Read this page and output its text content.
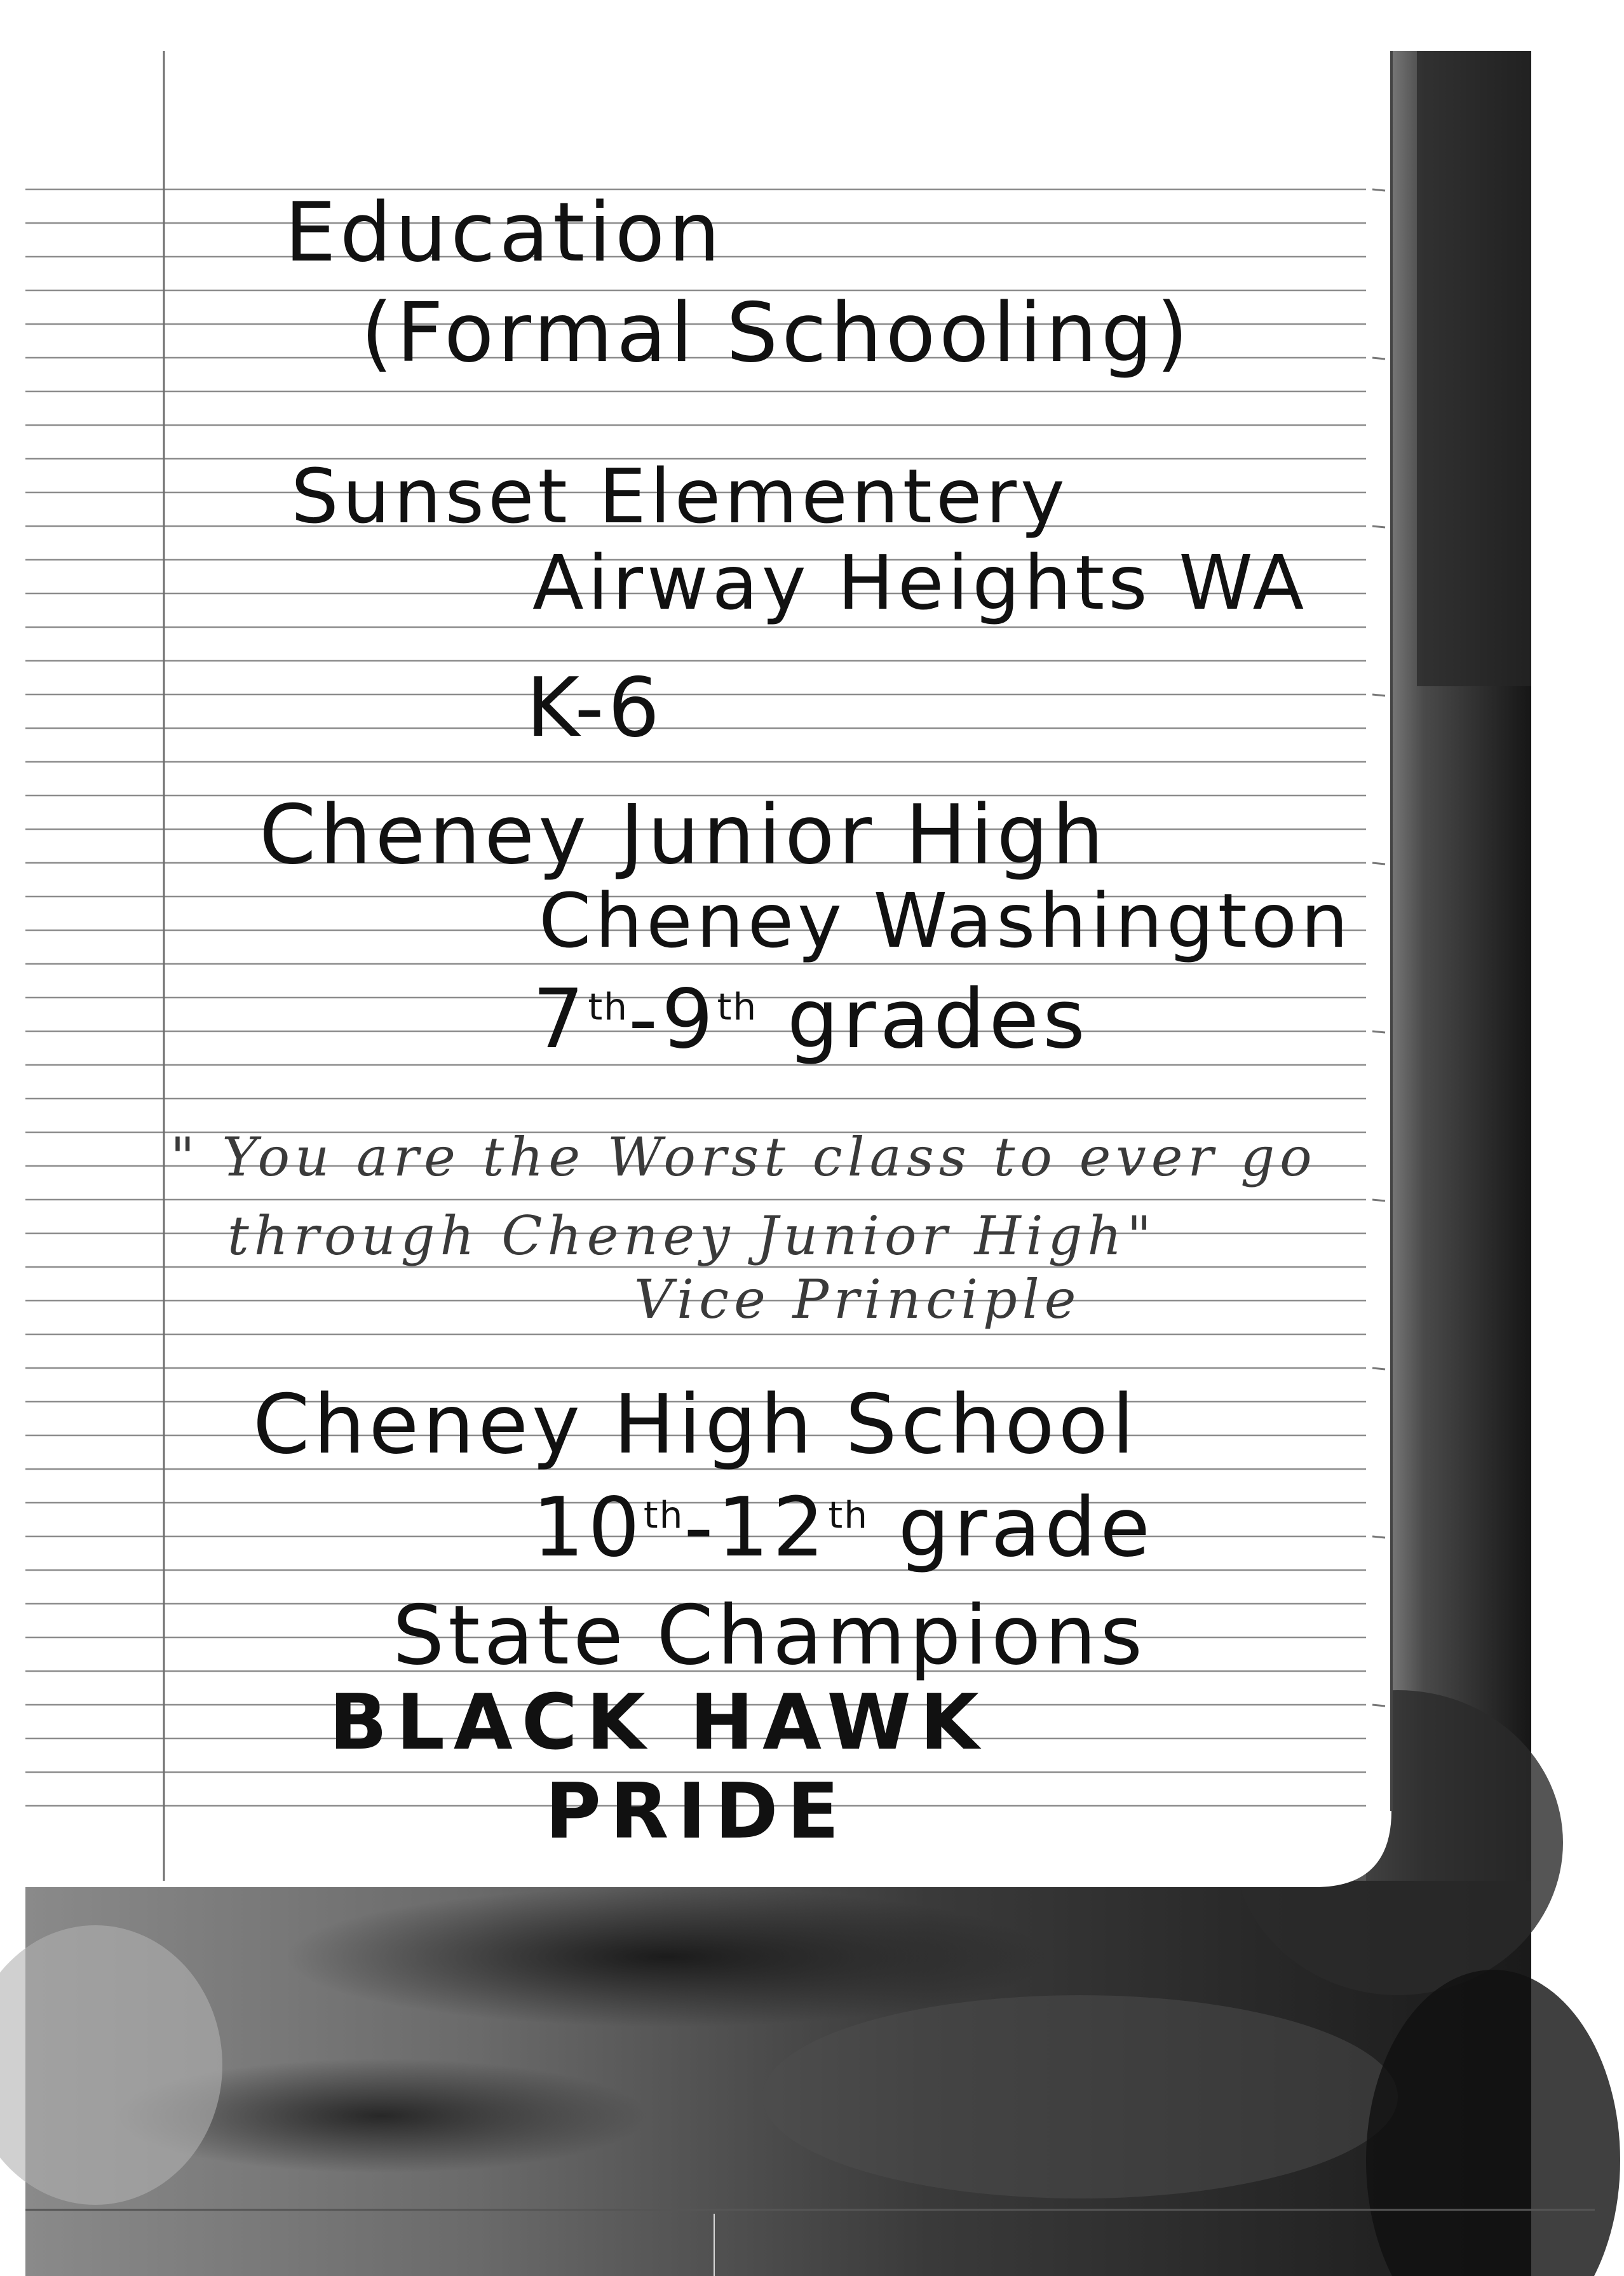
Education
(Formal Schooling)
Sunset Elementery
Airway Heights WA
K-6
Cheney Junior High
Cheney Washington
7th-9th grades
" You are the Worst class to ever go
through Cheney Junior High"
Vice Principle
Cheney High School
10th-12th grade
State Champions
BLACK HAWK
PRIDE
